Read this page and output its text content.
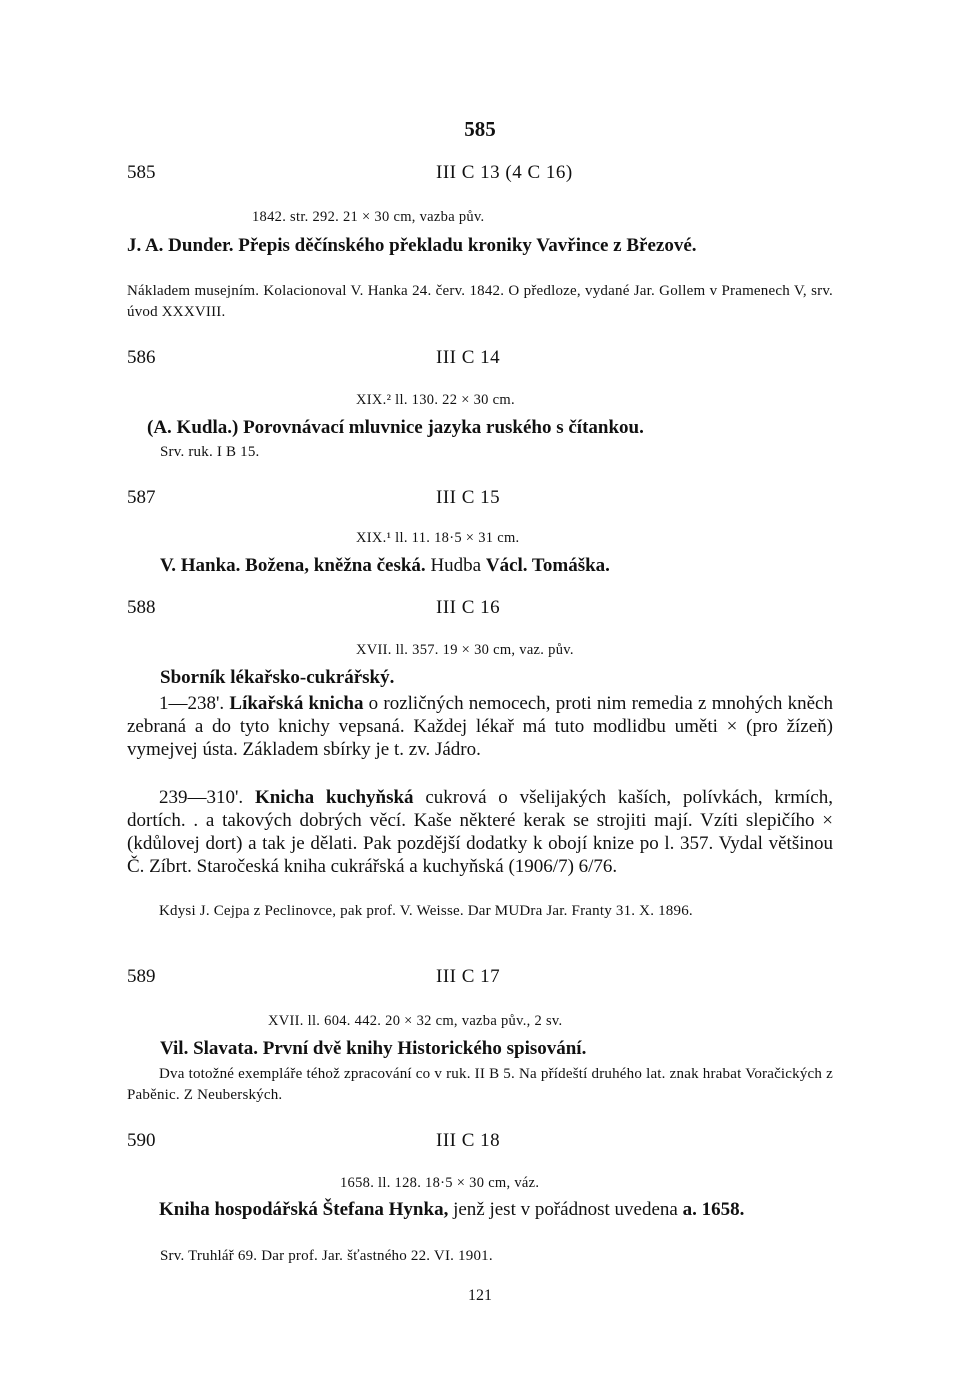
585
585	III C 13 (4 C 16)
1842. str. 292. 21 × 30 cm, vazba pův.
J. A. Dunder. Přepis děčínského překladu kroniky Vavřince z Březové.
Nákladem musejním. Kolacionoval V. Hanka 24. červ. 1842. O předloze, vydané Jar. Gollem v Pramenech V, srv. úvod XXXVIII.
586	III C 14
XIX.² ll. 130. 22 × 30 cm.
(A. Kudla.) Porovnávací mluvnice jazyka ruského s čítankou.
Srv. ruk. I B 15.
587	III C 15
XIX.¹ ll. 11. 18·5 × 31 cm.
V. Hanka. Božena, kněžna česká. Hudba Václ. Tomáška.
588	III C 16
XVII. ll. 357. 19 × 30 cm, vaz. pův.
Sborník lékařsko-cukrářský.
1—238'. Líkařská knicha o rozličných nemocech, proti nim remedia z mnohých kněch zebraná a do tyto knichy vepsaná. Každej lékař má tuto modlidbu uměti × (pro žízeň) vymejvej ústa. Základem sbírky je t. zv. Jádro.
239—310'. Knicha kuchyňská cukrová o všelijakých kaších, polívkách, krmích, dortích. . a takových dobrých věcí. Kaše některé kerak se strojiti mají. Vzíti slepičího × (kdůlovej dort) a tak je dělati. Pak pozdější dodatky k obojí knize po l. 357. Vydal většinou Č. Zíbrt. Staročeská kniha cukrářská a kuchyňská (1906/7) 6/76.
Kdysi J. Cejpa z Peclinovce, pak prof. V. Weisse. Dar MUDra Jar. Franty 31. X. 1896.
589	III C 17
XVII. ll. 604. 442. 20 × 32 cm, vazba pův., 2 sv.
Vil. Slavata. První dvě knihy Historického spisování.
Dva totožné exempláře téhož zpracování co v ruk. II B 5. Na přídeští druhého lat. znak hrabat Voračických z Paběnic. Z Neuberských.
590	III C 18
1658. ll. 128. 18·5 × 30 cm, váz.
Kniha hospodářská Štefana Hynka, jenž jest v pořádnost uvedena a. 1658.
Srv. Truhlář 69. Dar prof. Jar. šťastného 22. VI. 1901.
121
